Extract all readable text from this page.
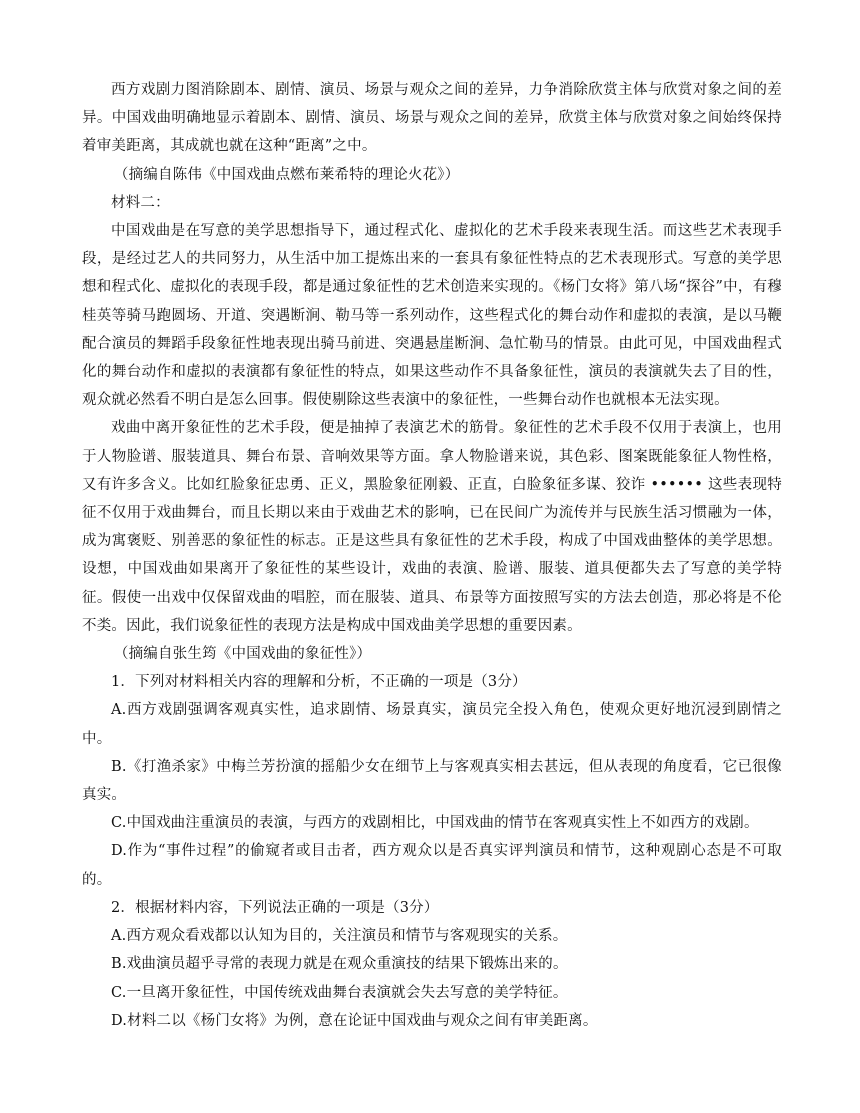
西方戏剧力图消除剧本、剧情、演员、场景与观众之间的差异，力争消除欣赏主体与欣赏对象之间的差异。中国戏曲明确地显示着剧本、剧情、演员、场景与观众之间的差异，欣赏主体与欣赏对象之间始终保持着审美距离，其成就也就在这种“距离”之中。

（摘编自陈伟《中国戏曲点燃布莱希特的理论火花》）

材料二：

中国戏曲是在写意的美学思想指导下，通过程式化、虚拟化的艺术手段来表现生活。而这些艺术表现手段，是经过艺人的共同努力，从生活中加工提炼出来的一套具有象征性特点的艺术表现形式。写意的美学思想和程式化、虚拟化的表现手段，都是通过象征性的艺术创造来实现的。《杨门女将》第八场“探谷”中，有穆桂英等骑马跑圆场、开道、突遇断涧、勒马等一系列动作，这些程式化的舞台动作和虚拟的表演，是以马鞭配合演员的舞蹈手段象征性地表现出骑马前进、突遇悬崖断涧、急忙勒马的情景。由此可见，中国戏曲程式化的舞台动作和虚拟的表演都有象征性的特点，如果这些动作不具备象征性，演员的表演就失去了目的性，观众就必然看不明白是怎么回事。假使剔除这些表演中的象征性，一些舞台动作也就根本无法实现。

戏曲中离开象征性的艺术手段，便是抽掉了表演艺术的筋骨。象征性的艺术手段不仅用于表演上，也用于人物脸谱、服装道具、舞台布景、音响效果等方面。拿人物脸谱来说，其色彩、图案既能象征人物性格，又有许多含义。比如红脸象征忠勇、正义，黑脸象征刚毅、正直，白脸象征多谋、狡诈 •••••• 这些表现特征不仅用于戏曲舞台，而且长期以来由于戏曲艺术的影响，已在民间广为流传并与民族生活习惯融为一体，成为寓褒贬、别善恶的象征性的标志。正是这些具有象征性的艺术手段，构成了中国戏曲整体的美学思想。设想，中国戏曲如果离开了象征性的某些设计，戏曲的表演、脸谱、服装、道具便都失去了写意的美学特征。假使一出戏中仅保留戏曲的唱腔，而在服装、道具、布景等方面按照写实的方法去创造，那必将是不伦不类。因此，我们说象征性的表现方法是构成中国戏曲美学思想的重要因素。

（摘编自张生筠《中国戏曲的象征性》）

1．下列对材料相关内容的理解和分析，不正确的一项是（3分）

A.西方戏剧强调客观真实性，追求剧情、场景真实，演员完全投入角色，使观众更好地沉浸到剧情之中。

B.《打渔杀家》中梅兰芳扮演的摇船少女在细节上与客观真实相去甚远，但从表现的角度看，它已很像真实。

C.中国戏曲注重演员的表演，与西方的戏剧相比，中国戏曲的情节在客观真实性上不如西方的戏剧。

D.作为“事件过程”的偷窥者或目击者，西方观众以是否真实评判演员和情节，这种观剧心态是不可取的。

2．根据材料内容，下列说法正确的一项是（3分）

A.西方观众看戏都以认知为目的，关注演员和情节与客观现实的关系。

B.戏曲演员超乎寻常的表现力就是在观众重演技的结果下锻炼出来的。

C.一旦离开象征性，中国传统戏曲舞台表演就会失去写意的美学特征。

D.材料二以《杨门女将》为例，意在论证中国戏曲与观众之间有审美距离。
